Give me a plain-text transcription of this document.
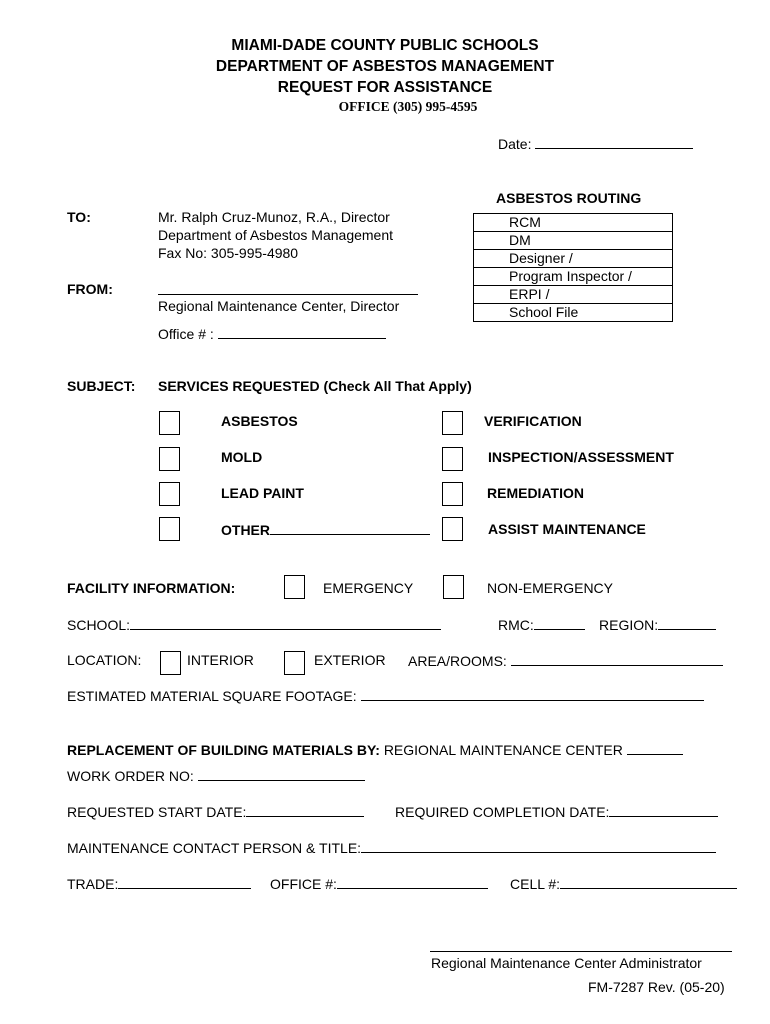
MIAMI-DADE COUNTY PUBLIC SCHOOLS
DEPARTMENT OF ASBESTOS MANAGEMENT
REQUEST FOR ASSISTANCE
OFFICE (305) 995-4595
Date:
ASBESTOS ROUTING
RCM
DM
Designer /
Program Inspector /
ERPI /
School File
TO:	Mr. Ralph Cruz-Munoz, R.A., Director
Department of Asbestos Management
Fax No: 305-995-4980
FROM:
Regional Maintenance Center, Director
Office # :
SUBJECT: SERVICES REQUESTED (Check All That Apply)
ASBESTOS
MOLD
LEAD PAINT
OTHER
VERIFICATION
INSPECTION/ASSESSMENT
REMEDIATION
ASSIST MAINTENANCE
FACILITY INFORMATION:	EMERGENCY	NON-EMERGENCY
SCHOOL:	RMC:	REGION:
LOCATION:	INTERIOR	EXTERIOR AREA/ROOMS:
ESTIMATED MATERIAL SQUARE FOOTAGE:
REPLACEMENT OF BUILDING MATERIALS BY: REGIONAL MAINTENANCE CENTER
WORK ORDER NO:
REQUESTED START DATE:	REQUIRED COMPLETION DATE:
MAINTENANCE CONTACT PERSON & TITLE:
TRADE:	OFFICE #:	CELL #:
Regional Maintenance Center Administrator
FM-7287 Rev. (05-20)
